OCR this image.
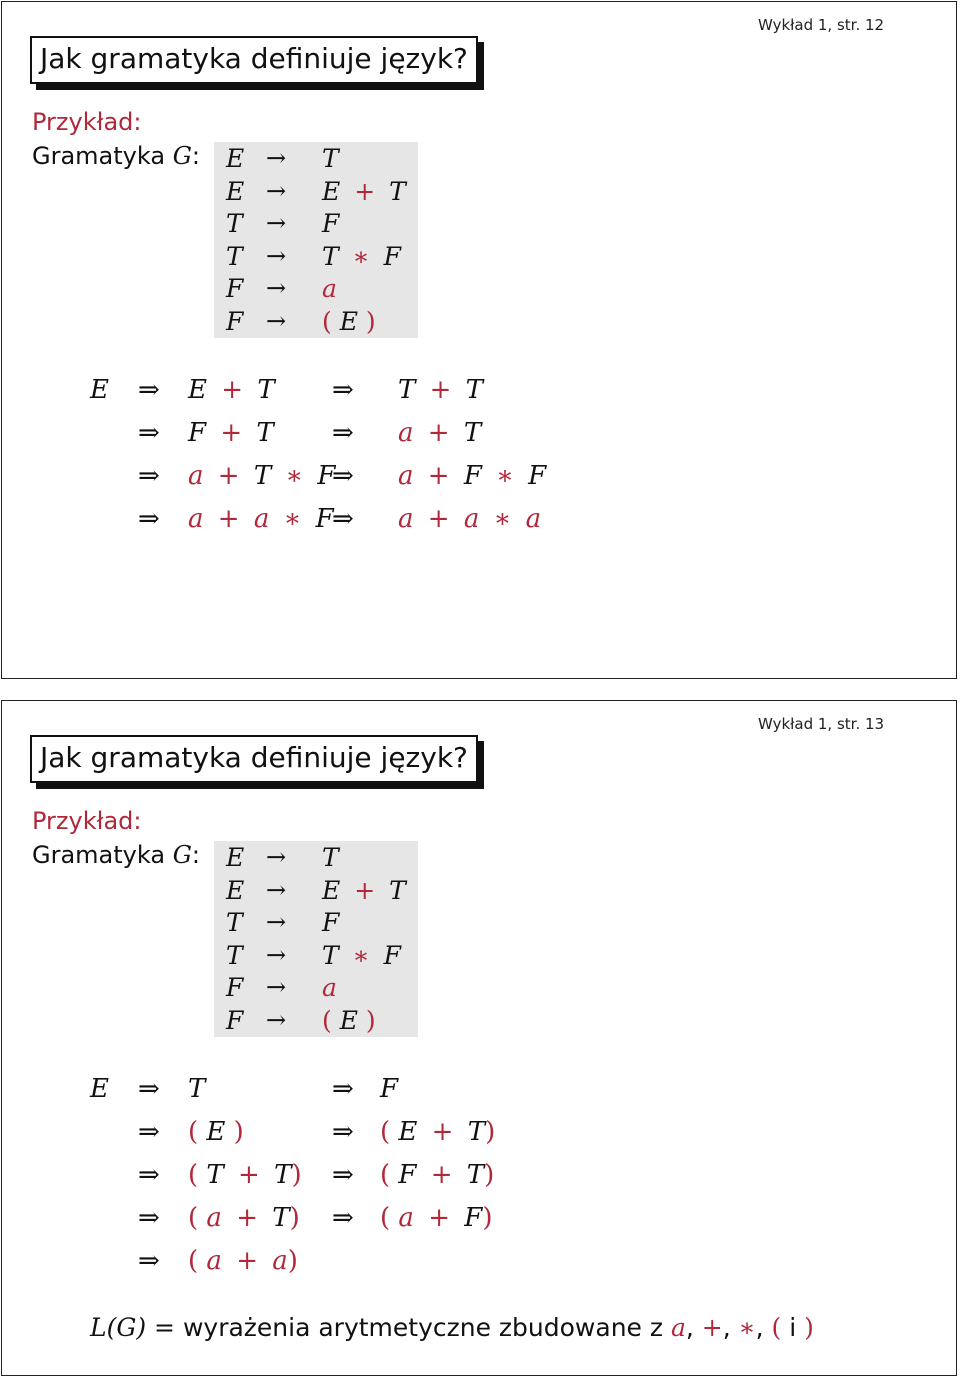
Wykład 1, str. 12
Jak gramatyka definiuje język?
Przykład:
Gramatyka G: E → T
E → E + T
T → F
T → T ∗ F
F → a
F → ( E )
E ⇒ E + T
⇒ F + T
⇒ a + T ∗ F
⇒ a + a ∗ F
⇒ T + T
⇒ a + T
⇒ a + F ∗ F
⇒ a + a ∗ a
Wykład 1, str. 13
Jak gramatyka definiuje język?
Przykład:
Gramatyka G: E → T
E → E + T
T → F
T → T ∗ F
F → a
F → ( E )
E ⇒ T
⇒ ( E )
⇒ ( T + T)
⇒ ( a + T)
⇒ ( a + a)
⇒ F
⇒ ( E + T)
⇒ ( F + T)
⇒ ( a + F)
L(G) = wyrażenia arytmetyczne zbudowane z a, +, ∗, ( i )
